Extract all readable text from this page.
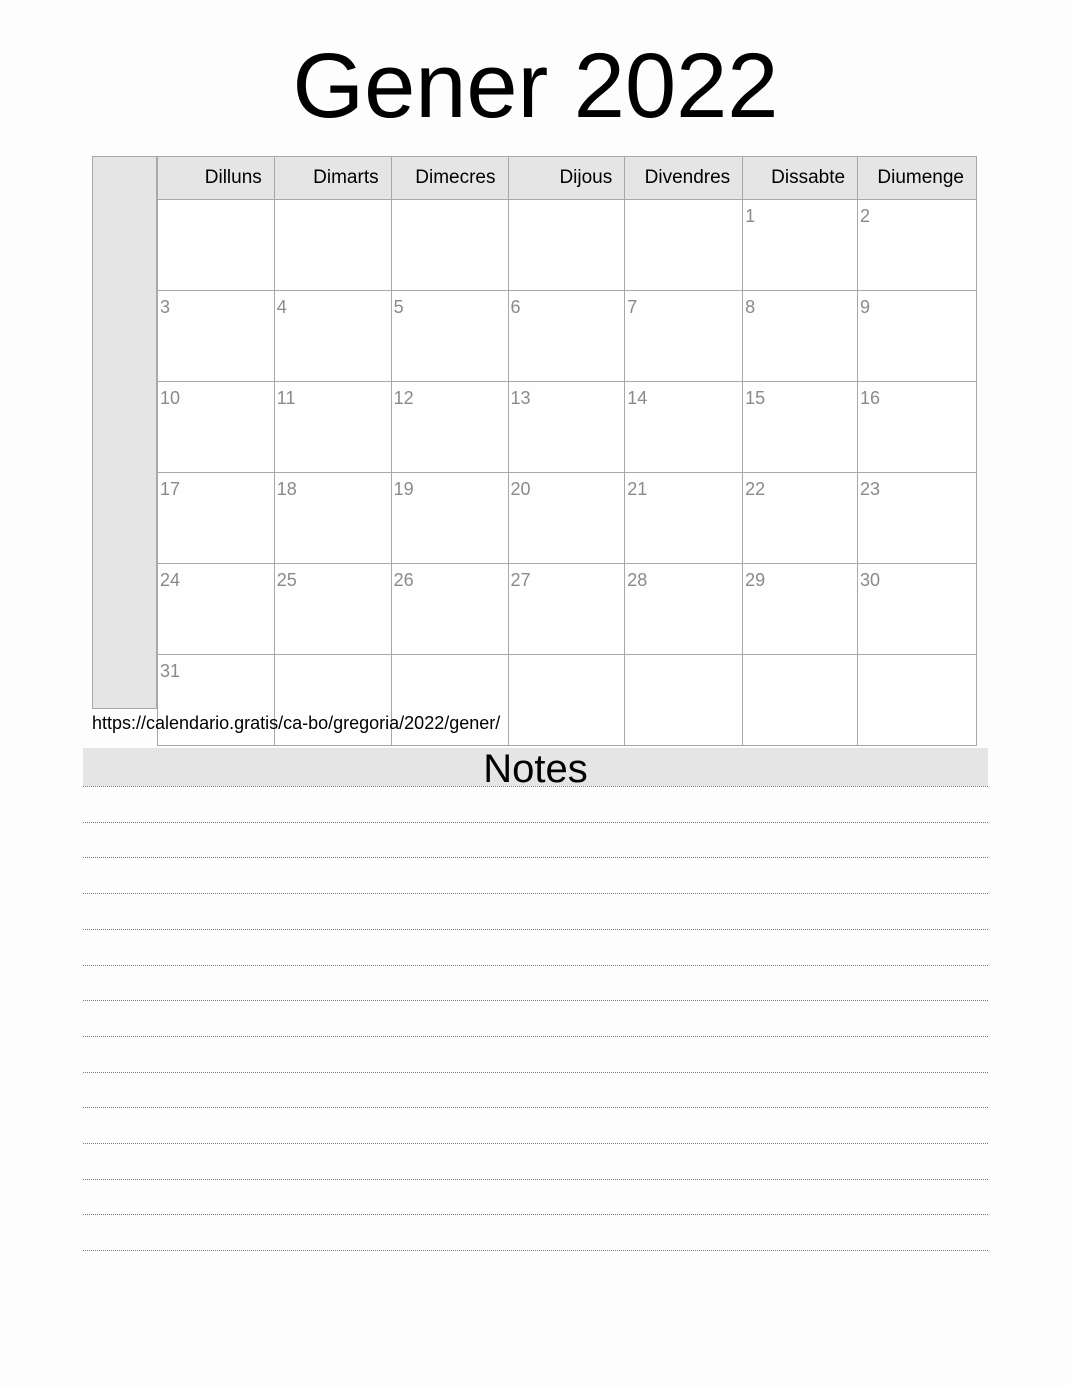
Gener 2022
Dilluns	Dimarts	Dimecres	Dijous	Divendres	Dissabte	Diumenge
					1	2
3	4	5	6	7	8	9
10	11	12	13	14	15	16
17	18	19	20	21	22	23
24	25	26	27	28	29	30
31						
https://calendario.gratis/ca-bo/gregoria/2022/gener/
Notes
